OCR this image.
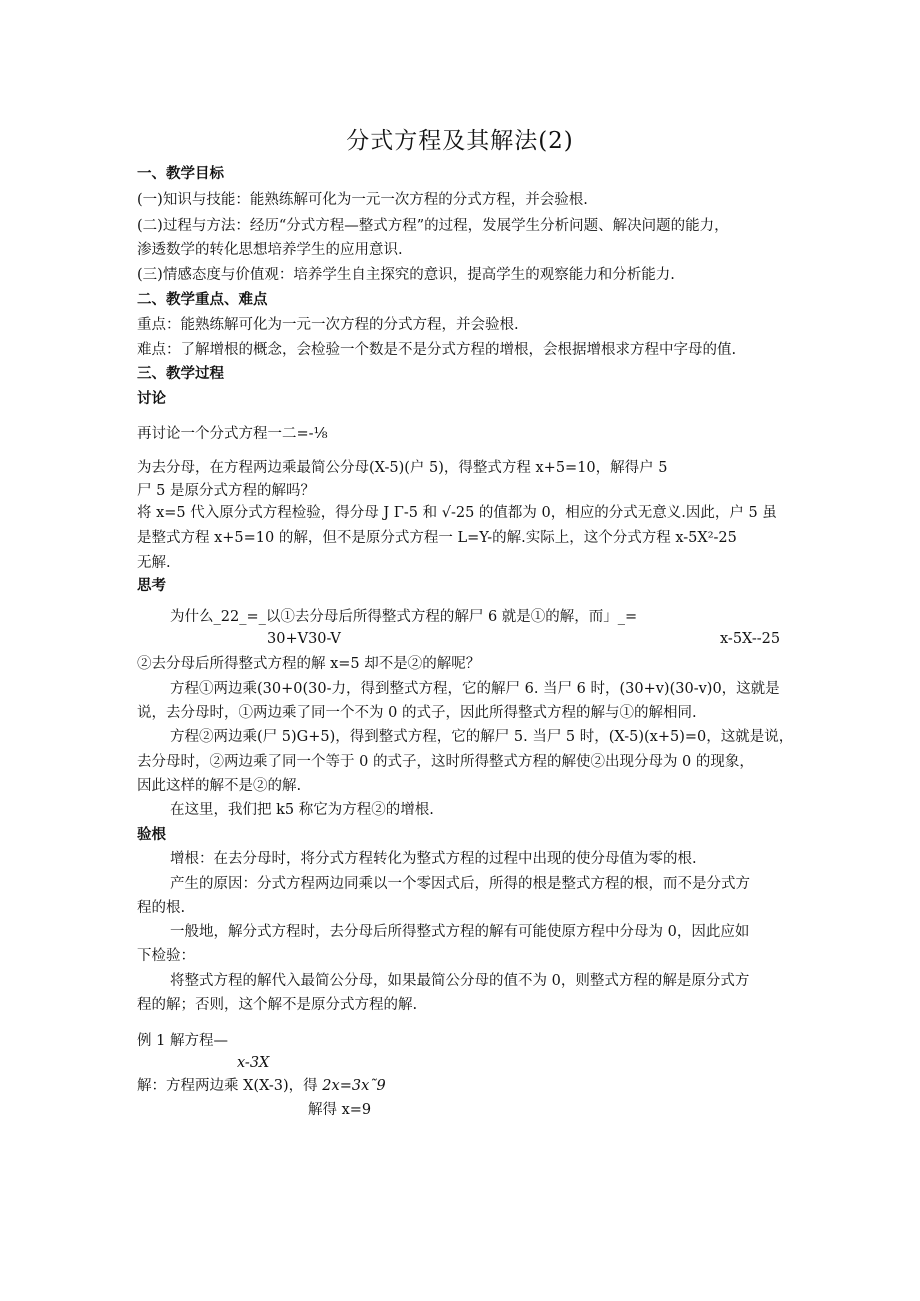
分式方程及其解法(2)
一、教学目标
(一)知识与技能：能熟练解可化为一元一次方程的分式方程，并会验根.
(二)过程与方法：经历“分式方程—整式方程”的过程，发展学生分析问题、解决问题的能力，
渗透数学的转化思想培养学生的应用意识.
(三)情感态度与价值观：培养学生自主探究的意识，提高学生的观察能力和分析能力.
二、教学重点、难点
重点：能熟练解可化为一元一次方程的分式方程，并会验根.
难点：了解增根的概念，会检验一个数是不是分式方程的增根，会根据增根求方程中字母的值.
三、教学过程
讨论
再讨论一个分式方程一二=-⅛
为去分母，在方程两边乘最简公分母(X-5)(户 5)，得整式方程 x+5=10，解得户 5
尸 5 是原分式方程的解吗？
将 x=5 代入原分式方程检验，得分母 J Γ-5 和 √-25 的值都为 0，相应的分式无意义.因此，户 5 虽
是整式方程 x+5=10 的解，但不是原分式方程一 L=Y-的解.实际上，这个分式方程 x-5X²-25
无解.
思考
为什么_22_=_以①去分母后所得整式方程的解尸 6 就是①的解，而」_=
30+V30-V	x-5X--25
②去分母后所得整式方程的解 x=5 却不是②的解呢？
方程①两边乘(30+0(30-力，得到整式方程，它的解尸 6. 当尸 6 时，(30+v)(30-v)0，这就是
说，去分母时，①两边乘了同一个不为 0 的式子，因此所得整式方程的解与①的解相同.
方程②两边乘(尸 5)G+5)，得到整式方程，它的解尸 5. 当尸 5 时，(X-5)(x+5)=0，这就是说，
去分母时，②两边乘了同一个等于 0 的式子，这时所得整式方程的解使②出现分母为 0 的现象，
因此这样的解不是②的解.
在这里，我们把 k5 称它为方程②的增根.
验根
增根：在去分母时，将分式方程转化为整式方程的过程中出现的使分母值为零的根.
产生的原因：分式方程两边同乘以一个零因式后，所得的根是整式方程的根，而不是分式方
程的根.
一般地，解分式方程时，去分母后所得整式方程的解有可能使原方程中分母为 0，因此应如
下检验：
将整式方程的解代入最简公分母，如果最简公分母的值不为 0，则整式方程的解是原分式方
程的解；否则，这个解不是原分式方程的解.
例 1 解方程—
x-3X
解：方程两边乘 X(X-3)，得 2x=3x˜9
解得 x=9
